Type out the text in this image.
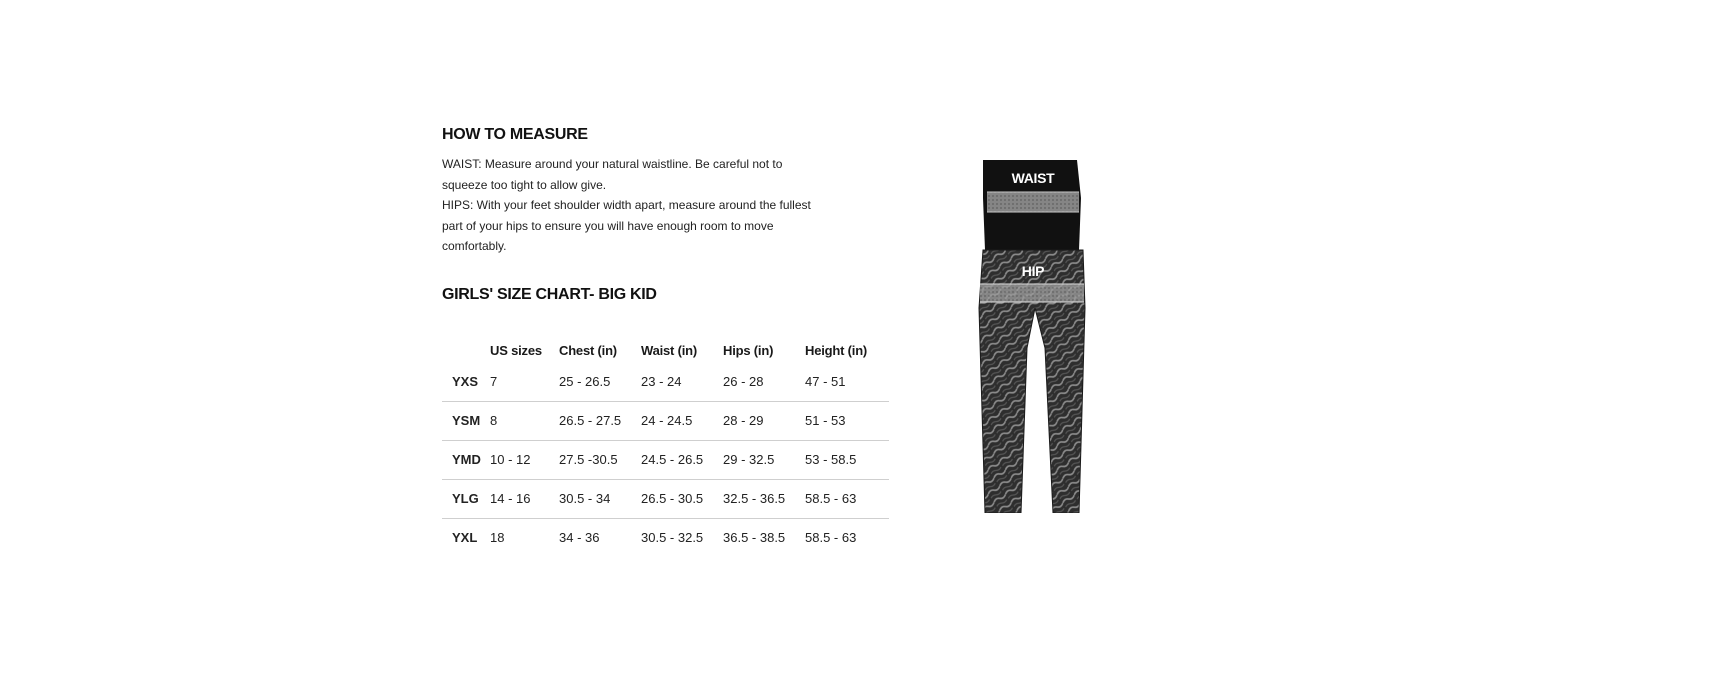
HOW TO MEASURE

WAIST: Measure around your natural waistline. Be careful not to squeeze too tight to allow give.

HIPS: With your feet shoulder width apart, measure around the fullest part of your hips to ensure you will have enough room to move comfortably.

GIRLS' SIZE CHART- BIG KID
	US sizes	Chest (in)	Waist (in)	Hips (in)	Height (in)
YXS	7	25 - 26.5	23 - 24	26 - 28	47 - 51
YSM	8	26.5 - 27.5	24 - 24.5	28 - 29	51 - 53
YMD	10 - 12	27.5 -30.5	24.5 - 26.5	29 - 32.5	53 - 58.5
YLG	14 - 16	30.5 - 34	26.5 - 30.5	32.5 - 36.5	58.5 - 63
YXL	18	34 - 36	30.5 - 32.5	36.5 - 38.5	58.5 - 63
WAIST
HIP
